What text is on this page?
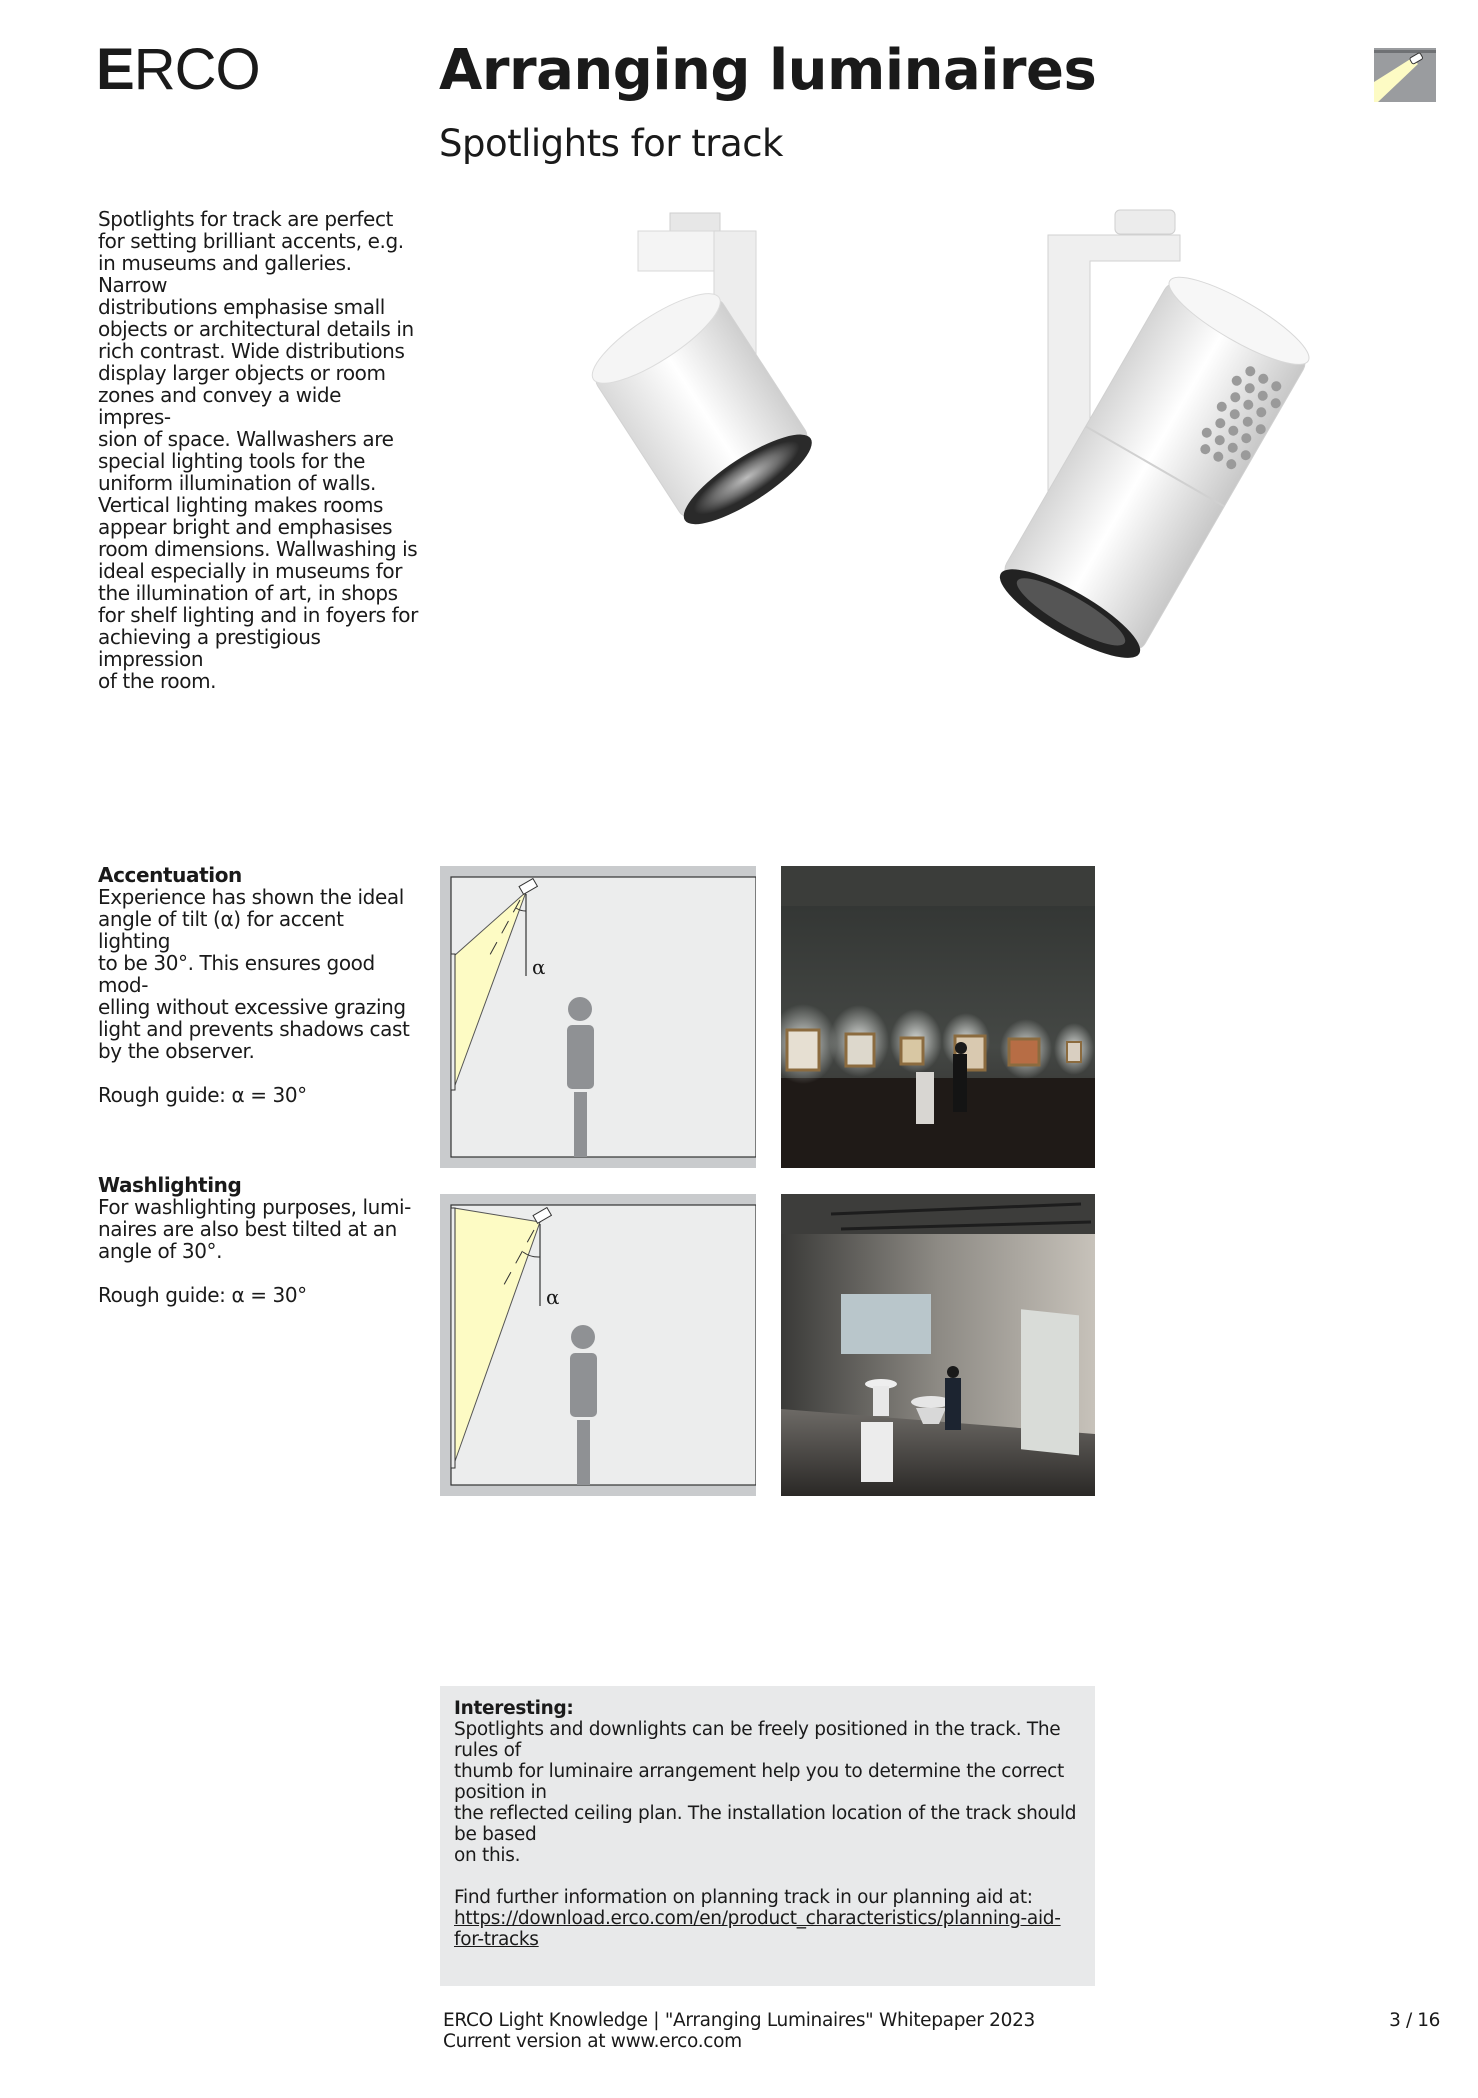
ERCO	Arranging luminaires
Spotlights for track

Spotlights for track are perfect
for setting brilliant accents, e.g.
in museums and galleries. Narrow
distributions emphasise small
objects or architectural details in
rich contrast. Wide distributions
display larger objects or room
zones and convey a wide impres-
sion of space. Wallwashers are
special lighting tools for the
uniform illumination of walls.
Vertical lighting makes rooms
appear bright and emphasises
room dimensions. Wallwashing is
ideal especially in museums for
the illumination of art, in shops
for shelf lighting and in foyers for
achieving a prestigious impression
of the room.

Accentuation
Experience has shown the ideal
angle of tilt (α) for accent lighting
to be 30°. This ensures good mod-
elling without excessive grazing
light and prevents shadows cast
by the observer.

Rough guide: α = 30°
α
Washlighting
For washlighting purposes, lumi-
naires are also best tilted at an
angle of 30°.

Rough guide: α = 30°	α
Interesting:
Spotlights and downlights can be freely positioned in the track. The rules of
thumb for luminaire arrangement help you to determine the correct position in
the reflected ceiling plan. The installation location of the track should be based
on this.

Find further information on planning track in our planning aid at:
https://download.erco.com/en/product_characteristics/planning-aid-for-tracks
ERCO Light Knowledge | "Arranging Luminaires" Whitepaper 2023
Current version at www.erco.com
3 / 16
